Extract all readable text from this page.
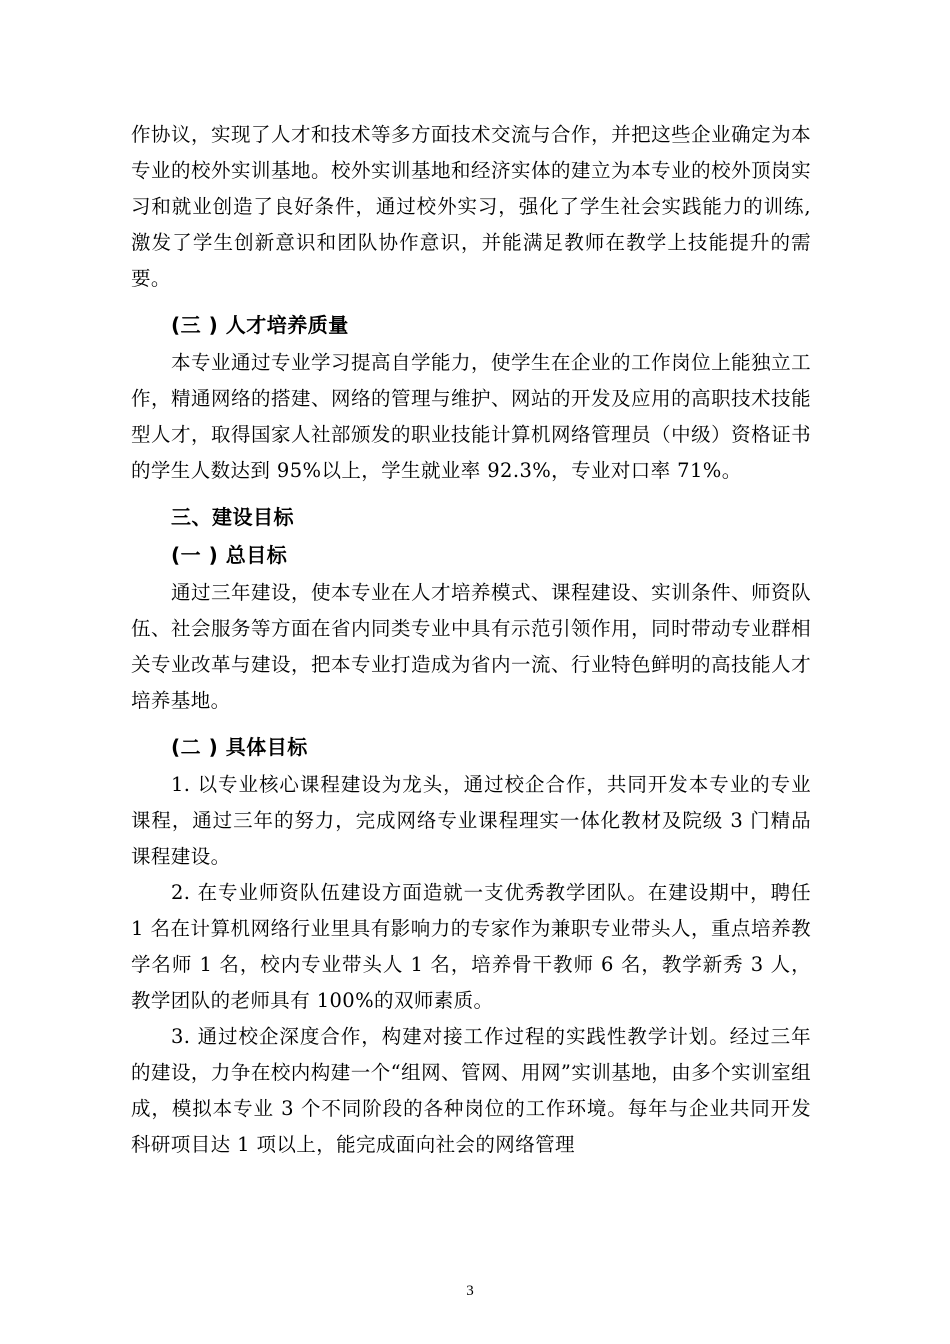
作协议，实现了人才和技术等多方面技术交流与合作，并把这些企业确定为本专业的校外实训基地。校外实训基地和经济实体的建立为本专业的校外顶岗实习和就业创造了良好条件，通过校外实习，强化了学生社会实践能力的训练,激发了学生创新意识和团队协作意识，并能满足教师在教学上技能提升的需要。

(三 ) 人才培养质量

本专业通过专业学习提高自学能力，使学生在企业的工作岗位上能独立工作，精通网络的搭建、网络的管理与维护、网站的开发及应用的高职技术技能型人才，取得国家人社部颁发的职业技能计算机网络管理员（中级）资格证书的学生人数达到 95%以上，学生就业率 92.3%，专业对口率 71%。

三、建设目标

(一 ) 总目标

通过三年建设，使本专业在人才培养模式、课程建设、实训条件、师资队伍、社会服务等方面在省内同类专业中具有示范引领作用，同时带动专业群相关专业改革与建设，把本专业打造成为省内一流、行业特色鲜明的高技能人才培养基地。

(二 ) 具体目标

1. 以专业核心课程建设为龙头，通过校企合作，共同开发本专业的专业课程，通过三年的努力，完成网络专业课程理实一体化教材及院级 3 门精品课程建设。

2. 在专业师资队伍建设方面造就一支优秀教学团队。在建设期中，聘任 1 名在计算机网络行业里具有影响力的专家作为兼职专业带头人，重点培养教学名师 1 名，校内专业带头人 1 名，培养骨干教师 6 名，教学新秀 3 人，教学团队的老师具有 100%的双师素质。

3. 通过校企深度合作，构建对接工作过程的实践性教学计划。经过三年的建设，力争在校内构建一个“组网、管网、用网”实训基地，由多个实训室组成，模拟本专业 3 个不同阶段的各种岗位的工作环境。每年与企业共同开发科研项目达 1 项以上，能完成面向社会的网络管理

3
